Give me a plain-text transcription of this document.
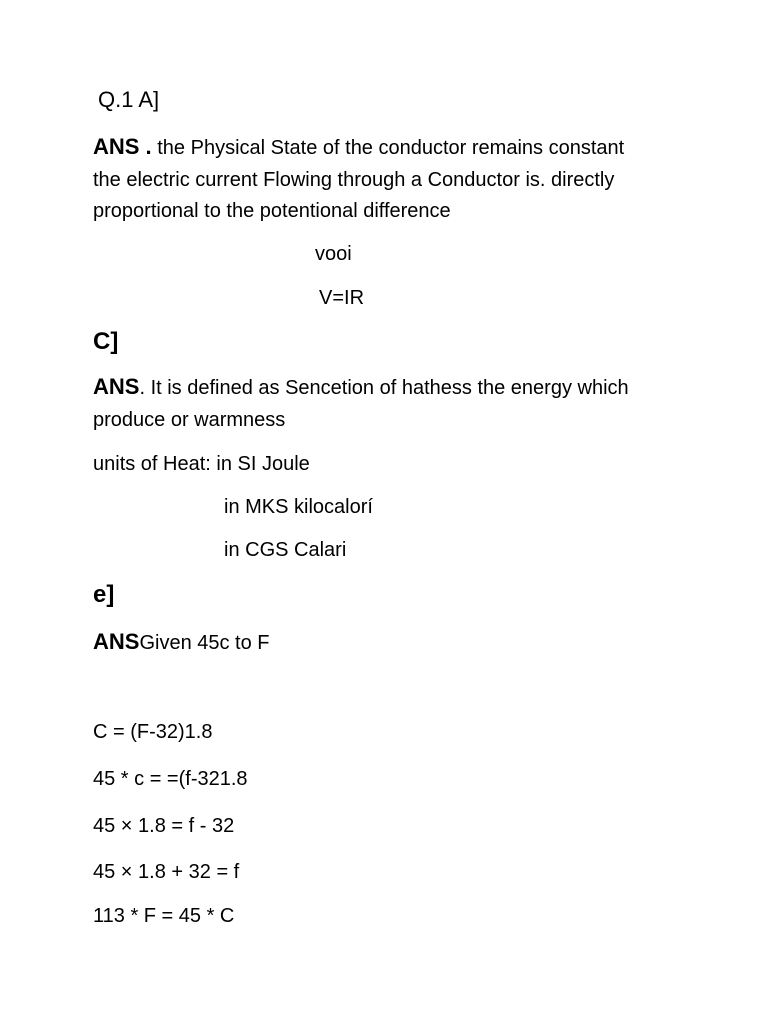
Q.1 A]
ANS . the Physical State of the conductor remains constant
the electric current Flowing through a Conductor is. directly
proportional to the potentional difference
vooi
V=IR
C]
ANS. It is defined as Sencetion of hathess the energy which
produce or warmness
units of Heat: in SI Joule
in MKS kilocalorí
in CGS Calari
e]
ANSGiven 45c to F
C = (F-32)1.8
45 * c = =(f-321.8
45 × 1.8 = f - 32
45 × 1.8 + 32 = f
113 * F = 45 * C
